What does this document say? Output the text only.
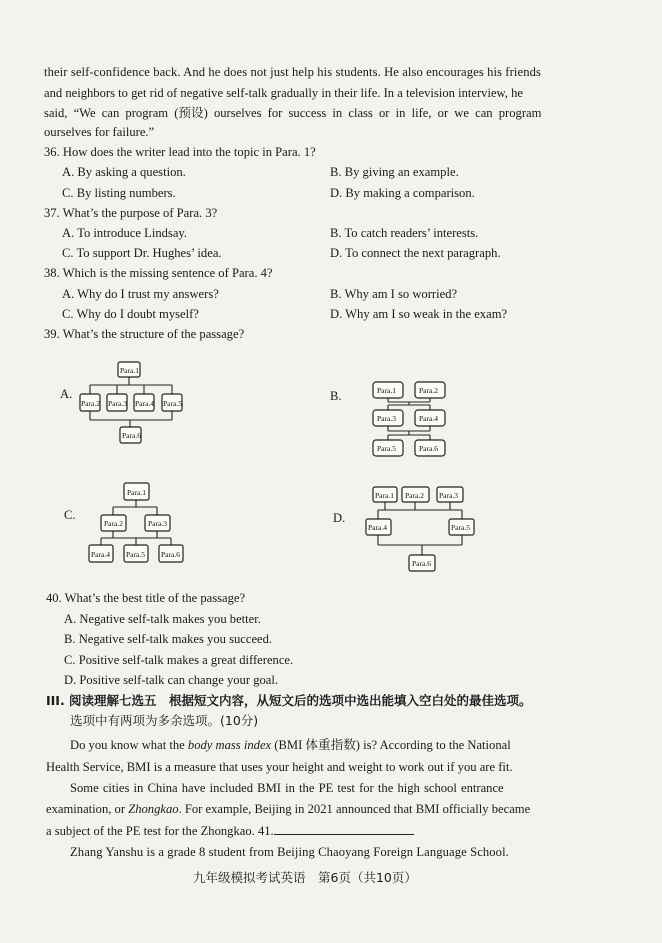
their self-confidence back. And he does not just help his students. He also encourages his friends
and neighbors to get rid of negative self-talk gradually in their life. In a television interview, he
said, “We can program (预设) ourselves for success in class or in life, or we can program
ourselves for failure.”
36. How does the writer lead into the topic in Para. 1?
A. By asking a question.	B. By giving an example.
C. By listing numbers.	D. By making a comparison.
37. What’s the purpose of Para. 3?
A. To introduce Lindsay.	B. To catch readers’ interests.
C. To support Dr. Hughes’ idea.	D. To connect the next paragraph.
38. Which is the missing sentence of Para. 4?
A. Why do I trust my answers?	B. Why am I so worried?
C. Why do I doubt myself?	D. Why am I so weak in the exam?
39. What’s the structure of the passage?
A.	B.
C.	D.
Para.1
Para.2 Para.3 Para.4 Para.5
Para.6
Para.1	Para.2
Para.3	Para.4
Para.5	Para.6
Para.1
Para.2	Para.3
Para.4 Para.5 Para.6
Para.1 Para.2 Para.3
Para.4	Para.5
Para.6
40. What’s the best title of the passage?
A. Negative self-talk makes you better.
B. Negative self-talk makes you succeed.
C. Positive self-talk makes a great difference.
D. Positive self-talk can change your goal.
III. 阅读理解七选五　根据短文内容，从短文后的选项中选出能填入空白处的最佳选项。
选项中有两项为多余选项。(10分)
Do you know what the body mass index (BMI 体重指数) is? According to the National
Health Service, BMI is a measure that uses your height and weight to work out if you are fit.
Some cities in China have included BMI in the PE test for the high school entrance
examination, or Zhongkao. For example, Beijing in 2021 announced that BMI officially became
a subject of the PE test for the Zhongkao. 41.
Zhang Yanshu is a grade 8 student from Beijing Chaoyang Foreign Language School.
九年级模拟考试英语　第6页（共10页）
